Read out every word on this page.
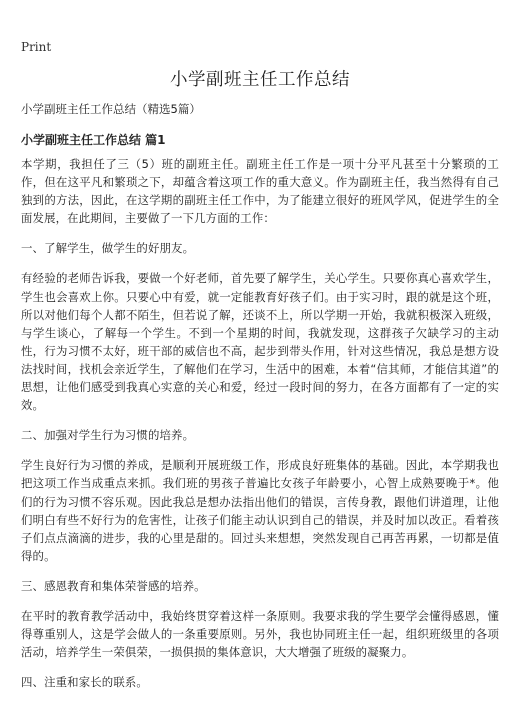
Print
小学副班主任工作总结

小学副班主任工作总结（精选5篇）

小学副班主任工作总结 篇1

本学期，我担任了三（5）班的副班主任。副班主任工作是一项十分平凡甚至十分繁琐的工作，但在这平凡和繁琐之下，却蕴含着这项工作的重大意义。作为副班主任，我当然得有自己独到的方法，因此，在这学期的副班主任工作中，为了能建立很好的班风学风，促进学生的全面发展，在此期间，主要做了一下几方面的工作：

一、了解学生，做学生的好朋友。

有经验的老师告诉我，要做一个好老师，首先要了解学生，关心学生。只要你真心喜欢学生，学生也会喜欢上你。只要心中有爱，就一定能教育好孩子们。由于实习时，跟的就是这个班，所以对他们每个人都不陌生，但若说了解，还谈不上，所以学期一开始，我就积极深入班级，与学生谈心，了解每一个学生。不到一个星期的时间，我就发现，这群孩子欠缺学习的主动性，行为习惯不太好，班干部的威信也不高，起步到带头作用，针对这些情况，我总是想方设法找时间，找机会亲近学生，了解他们在学习，生活中的困难，本着“信其师，才能信其道”的思想，让他们感受到我真心实意的关心和爱，经过一段时间的努力，在各方面都有了一定的实效。

二、加强对学生行为习惯的培养。

学生良好行为习惯的养成，是顺利开展班级工作，形成良好班集体的基础。因此，本学期我也把这项工作当成重点来抓。我们班的男孩子普遍比女孩子年龄要小，心智上成熟要晚于*。他们的行为习惯不容乐观。因此我总是想办法指出他们的错误，言传身教，跟他们讲道理，让他们明白有些不好行为的危害性，让孩子们能主动认识到自己的错误，并及时加以改正。看着孩子们点点滴滴的进步，我的心里是甜的。回过头来想想，突然发现自己再苦再累，一切都是值得的。

三、感恩教育和集体荣誉感的培养。

在平时的教育教学活动中，我始终贯穿着这样一条原则。我要求我的学生要学会懂得感恩，懂得尊重别人，这是学会做人的一条重要原则。另外，我也协同班主任一起，组织班级里的各项活动，培养学生一荣俱荣，一损俱损的集体意识，大大增强了班级的凝聚力。

四、注重和家长的联系。
